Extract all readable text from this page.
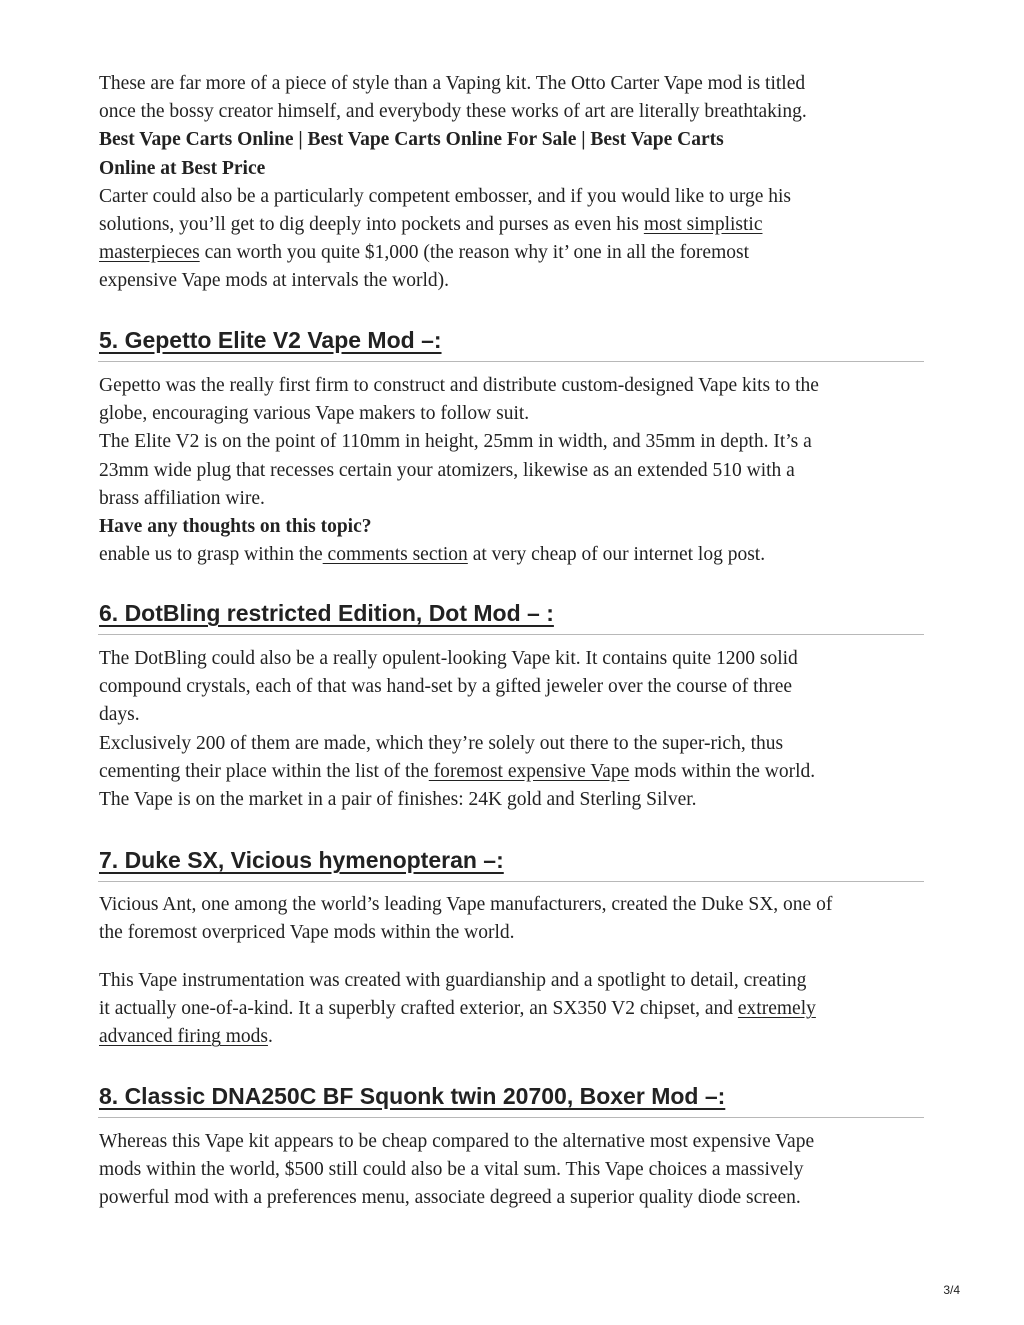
These are far more of a piece of style than a Vaping kit. The Otto Carter Vape mod is titled
once the bossy creator himself, and everybody these works of art are literally breathtaking.
Best Vape Carts Online | Best Vape Carts Online For Sale | Best Vape Carts
Online at Best Price
Carter could also be a particularly competent embosser, and if you would like to urge his
solutions, you’ll get to dig deeply into pockets and purses as even his most simplistic
masterpieces can worth you quite $1,000 (the reason why it’ one in all the foremost
expensive Vape mods at intervals the world).
5. Gepetto Elite V2 Vape Mod –:
Gepetto was the really first firm to construct and distribute custom-designed Vape kits to the
globe, encouraging various Vape makers to follow suit.
The Elite V2 is on the point of 110mm in height, 25mm in width, and 35mm in depth. It’s a
23mm wide plug that recesses certain your atomizers, likewise as an extended 510 with a
brass affiliation wire.
Have any thoughts on this topic?
enable us to grasp within the comments section at very cheap of our internet log post.
6. DotBling restricted Edition, Dot Mod – :
The DotBling could also be a really opulent-looking Vape kit. It contains quite 1200 solid
compound crystals, each of that was hand-set by a gifted jeweler over the course of three
days.
Exclusively 200 of them are made, which they’re solely out there to the super-rich, thus
cementing their place within the list of the foremost expensive Vape mods within the world.
The Vape is on the market in a pair of finishes: 24K gold and Sterling Silver.
7. Duke SX, Vicious hymenopteran –:
Vicious Ant, one among the world’s leading Vape manufacturers, created the Duke SX, one of
the foremost overpriced Vape mods within the world.
This Vape instrumentation was created with guardianship and a spotlight to detail, creating
it actually one-of-a-kind. It a superbly crafted exterior, an SX350 V2 chipset, and extremely
advanced firing mods.
8. Classic DNA250C BF Squonk twin 20700, Boxer Mod –:
Whereas this Vape kit appears to be cheap compared to the alternative most expensive Vape
mods within the world, $500 still could also be a vital sum. This Vape choices a massively
powerful mod with a preferences menu, associate degreed a superior quality diode screen.
3/4
